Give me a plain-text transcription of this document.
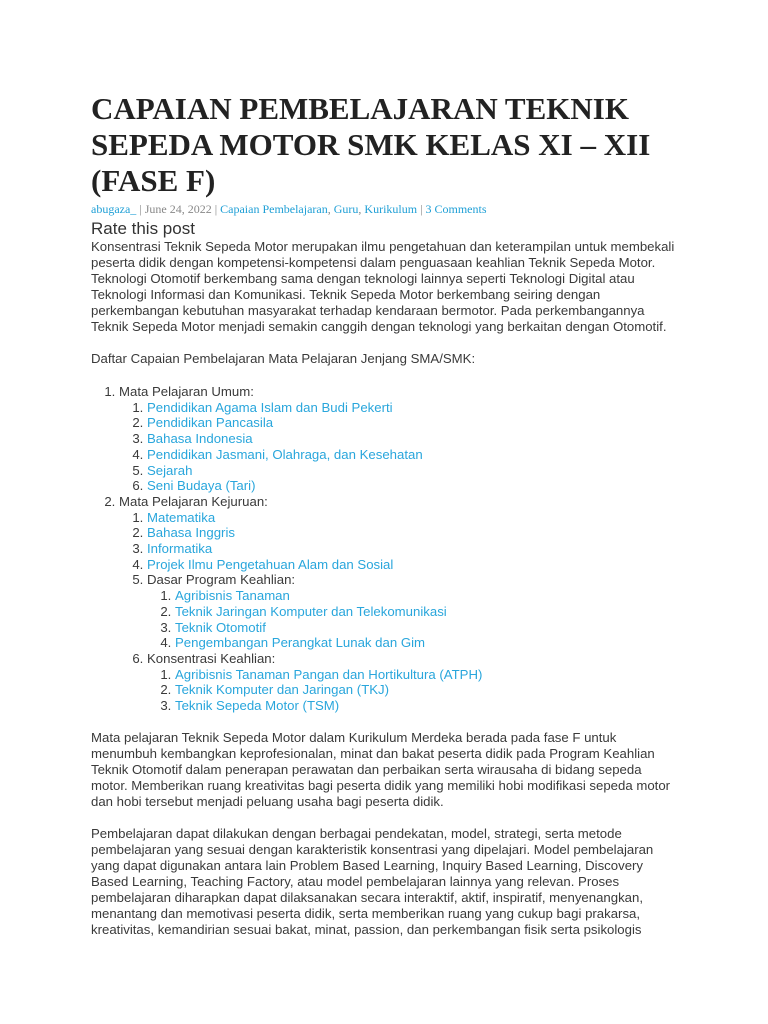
CAPAIAN PEMBELAJARAN TEKNIK SEPEDA MOTOR SMK KELAS XI – XII (FASE F)
abugaza_ | June 24, 2022 | Capaian Pembelajaran, Guru, Kurikulum | 3 Comments
Rate this post

Konsentrasi Teknik Sepeda Motor merupakan ilmu pengetahuan dan keterampilan untuk membekali peserta didik dengan kompetensi-kompetensi dalam penguasaan keahlian Teknik Sepeda Motor. Teknologi Otomotif berkembang sama dengan teknologi lainnya seperti Teknologi Digital atau Teknologi Informasi dan Komunikasi. Teknik Sepeda Motor berkembang seiring dengan perkembangan kebutuhan masyarakat terhadap kendaraan bermotor. Pada perkembangannya Teknik Sepeda Motor menjadi semakin canggih dengan teknologi yang berkaitan dengan Otomotif.

Daftar Capaian Pembelajaran Mata Pelajaran Jenjang SMA/SMK:

1. Mata Pelajaran Umum:
1. Pendidikan Agama Islam dan Budi Pekerti
2. Pendidikan Pancasila
3. Bahasa Indonesia
4. Pendidikan Jasmani, Olahraga, dan Kesehatan
5. Sejarah
6. Seni Budaya (Tari)
2. Mata Pelajaran Kejuruan:
1. Matematika
2. Bahasa Inggris
3. Informatika
4. Projek Ilmu Pengetahuan Alam dan Sosial
5. Dasar Program Keahlian:
1. Agribisnis Tanaman
2. Teknik Jaringan Komputer dan Telekomunikasi
3. Teknik Otomotif
4. Pengembangan Perangkat Lunak dan Gim
6. Konsentrasi Keahlian:
1. Agribisnis Tanaman Pangan dan Hortikultura (ATPH)
2. Teknik Komputer dan Jaringan (TKJ)
3. Teknik Sepeda Motor (TSM)

Mata pelajaran Teknik Sepeda Motor dalam Kurikulum Merdeka berada pada fase F untuk menumbuh kembangkan keprofesionalan, minat dan bakat peserta didik pada Program Keahlian Teknik Otomotif dalam penerapan perawatan dan perbaikan serta wirausaha di bidang sepeda motor. Memberikan ruang kreativitas bagi peserta didik yang memiliki hobi modifikasi sepeda motor dan hobi tersebut menjadi peluang usaha bagi peserta didik.

Pembelajaran dapat dilakukan dengan berbagai pendekatan, model, strategi, serta metode pembelajaran yang sesuai dengan karakteristik konsentrasi yang dipelajari. Model pembelajaran yang dapat digunakan antara lain Problem Based Learning, Inquiry Based Learning, Discovery Based Learning, Teaching Factory, atau model pembelajaran lainnya yang relevan. Proses pembelajaran diharapkan dapat dilaksanakan secara interaktif, aktif, inspiratif, menyenangkan, menantang dan memotivasi peserta didik, serta memberikan ruang yang cukup bagi prakarsa, kreativitas, kemandirian sesuai bakat, minat, passion, dan perkembangan fisik serta psikologis
